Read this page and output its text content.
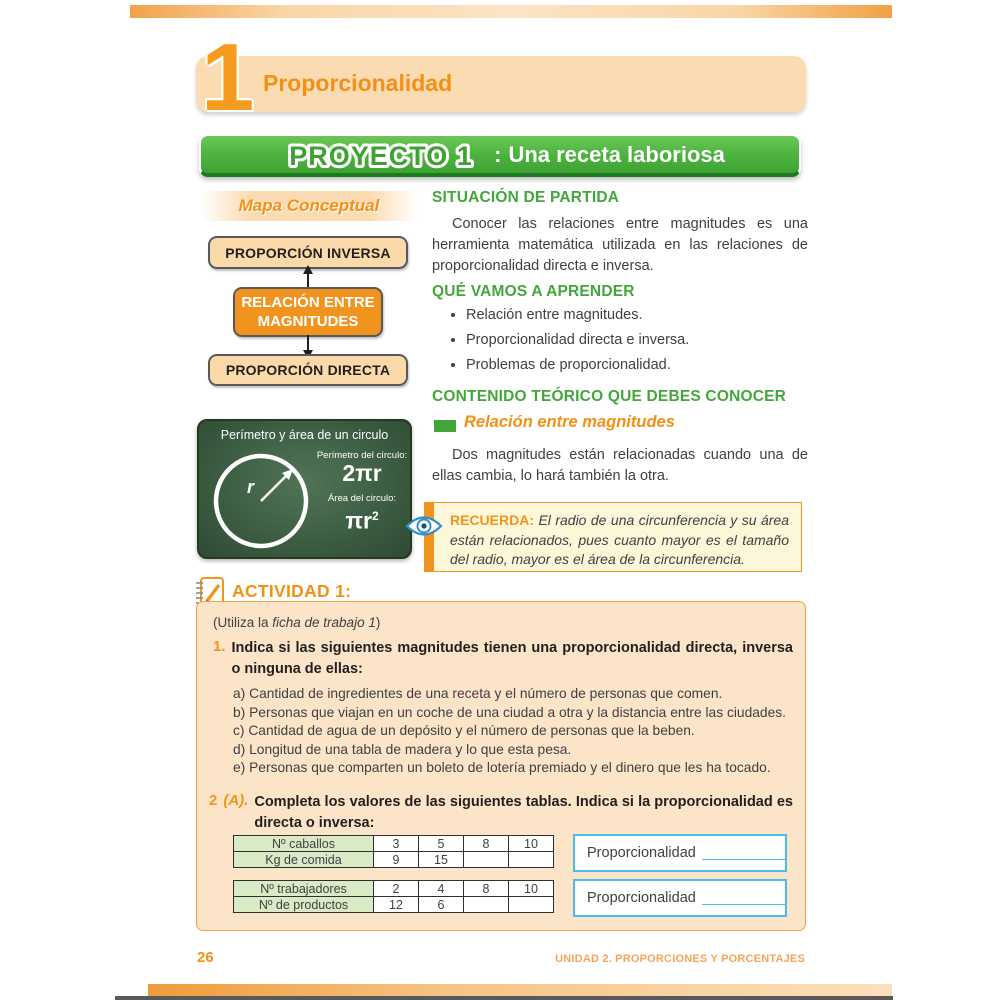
1 Proporcionalidad
PROYECTO 1 : Una receta laboriosa
Mapa Conceptual
PROPORCIÓN INVERSA
RELACIÓN ENTRE
MAGNITUDES
PROPORCIÓN DIRECTA
Perímetro y área de un circulo
r
Perímetro del círculo:
2πr
Área del circulo:
$\pi r^2$
SITUACIÓN DE PARTIDA

Conocer las relaciones entre magnitudes es una herramienta matemática utilizada en las relaciones de proporcionalidad directa e inversa.

QUÉ VAMOS A APRENDER
• Relación entre magnitudes.
• Proporcionalidad directa e inversa.
• Problemas de proporcionalidad.
CONTENIDO TEÓRICO QUE DEBES CONOCER
Relación entre magnitudes

Dos magnitudes están relacionadas cuando una de ellas cambia, lo hará también la otra.

RECUERDA: El radio de una circunferencia y su área están relacionados, pues cuanto mayor es el tamaño del radio, mayor es el área de la circunferencia.
ACTIVIDAD 1:
(Utiliza la ficha de trabajo 1)
1. Indica si las siguientes magnitudes tienen una proporcionalidad directa, inversa o ninguna de ellas:
a) Cantidad de ingredientes de una receta y el número de personas que comen.
b) Personas que viajan en un coche de una ciudad a otra y la distancia entre las ciudades.
c) Cantidad de agua de un depósito y el número de personas que la beben.
d) Longitud de una tabla de madera y lo que esta pesa.
e) Personas que comparten un boleto de lotería premiado y el dinero que les ha tocado.
2 (A). Completa los valores de las siguientes tablas. Indica si la proporcionalidad es directa o inversa:
Nº caballos	3	5	8	10
Kg de comida	9	15			Proporcionalidad
Nº trabajadores	2	4	8	10
Nº de productos	12	6			Proporcionalidad
26	UNIDAD 2. PROPORCIONES Y PORCENTAJES
